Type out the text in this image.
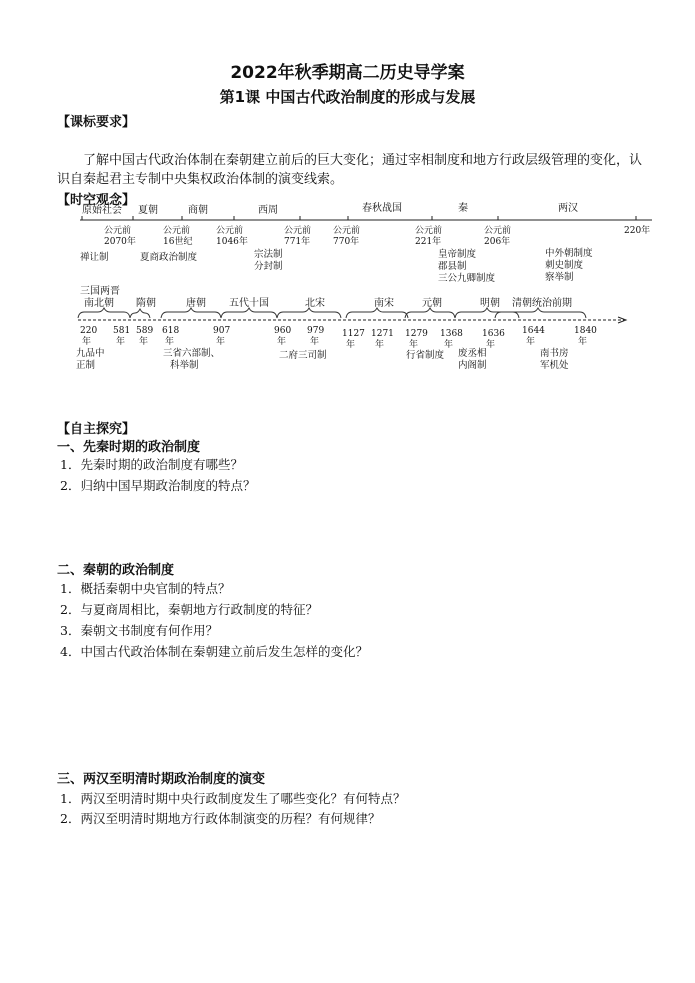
2022年秋季期高二历史导学案
第1课 中国古代政治制度的形成与发展
【课标要求】
了解中国古代政治体制在秦朝建立前后的巨大变化；通过宰相制度和地方行政层级管理的变化，认识自秦起君主专制中央集权政治体制的演变线索。
【时空观念】
原始社会 夏朝	商朝	西周	春秋战国	秦	两汉
公元前 2070年
公元前 16世纪
公元前 1046年
公元前 771年
公元前 770年
公元前 221年
公元前 206年
220年
禅让制	夏商政治制度	宗法制分封制
皇帝制度郡县制三公九卿制度
中外朝制度刺史制度察举制
三国两晋南北朝	隋朝	唐朝 五代十国	北宋	南宋	元朝	明朝 清朝统治前期
220 年
581 年
589 年
618 年
907 年
960 年
979 年
1127 年
1271 年
1279 年
1368 年
1636 年
1644 年
1840 年
九品中正制
三省六部制、科举制
二府三司制	行省制度 废丞相内阁制
南书房军机处
【自主探究】
一、先秦时期的政治制度
1．先秦时期的政治制度有哪些？
2．归纳中国早期政治制度的特点？
二、秦朝的政治制度
1．概括秦朝中央官制的特点？
2．与夏商周相比，秦朝地方行政制度的特征？
3．秦朝文书制度有何作用？
4．中国古代政治体制在秦朝建立前后发生怎样的变化？
三、两汉至明清时期政治制度的演变
1．两汉至明清时期中央行政制度发生了哪些变化？有何特点？
2．两汉至明清时期地方行政体制演变的历程？有何规律？
